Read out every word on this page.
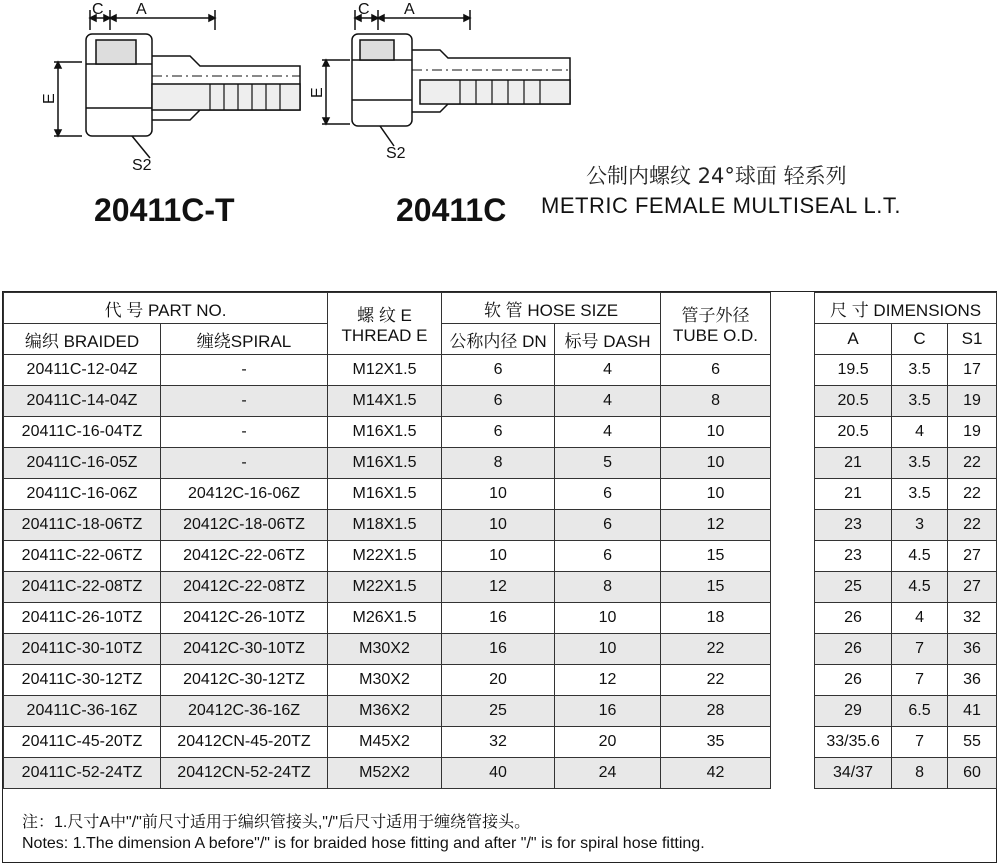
C A
E
S2
C A
E
S2
20411C-T	20411C
公制内螺纹 24°球面 轻系列
METRIC FEMALE MULTISEAL L.T.
代 号 PART NO.		螺 纹 E
THREAD E	软 管 HOSE SIZE		管子外径
TUBE O.D.		尺 寸 DIMENSIONS		
编织 BRAIDED	缠绕SPIRAL		公称内径 DN	标号 DASH			A	C	S1
20411C-12-04Z	-	M12X1.5	6	4	6		19.5	3.5	17
20411C-14-04Z	-	M14X1.5	6	4	8		20.5	3.5	19
20411C-16-04TZ	-	M16X1.5	6	4	10		20.5	4	19
20411C-16-05Z	-	M16X1.5	8	5	10		21	3.5	22
20411C-16-06Z	20412C-16-06Z	M16X1.5	10	6	10		21	3.5	22
20411C-18-06TZ	20412C-18-06TZ	M18X1.5	10	6	12		23	3	22
20411C-22-06TZ	20412C-22-06TZ	M22X1.5	10	6	15		23	4.5	27
20411C-22-08TZ	20412C-22-08TZ	M22X1.5	12	8	15		25	4.5	27
20411C-26-10TZ	20412C-26-10TZ	M26X1.5	16	10	18		26	4	32
20411C-30-10TZ	20412C-30-10TZ	M30X2	16	10	22		26	7	36
20411C-30-12TZ	20412C-30-12TZ	M30X2	20	12	22		26	7	36
20411C-36-16Z	20412C-36-16Z	M36X2	25	16	28		29	6.5	41
20411C-45-20TZ	20412CN-45-20TZ	M45X2	32	20	35		33/35.6	7	55
20411C-52-24TZ	20412CN-52-24TZ	M52X2	40	24	42		34/37	8	60
注：1.尺寸A中"/"前尺寸适用于编织管接头,"/"后尺寸适用于缠绕管接头。
Notes: 1.The dimension A before"/" is for braided hose fitting and after "/" is for spiral hose fitting.
